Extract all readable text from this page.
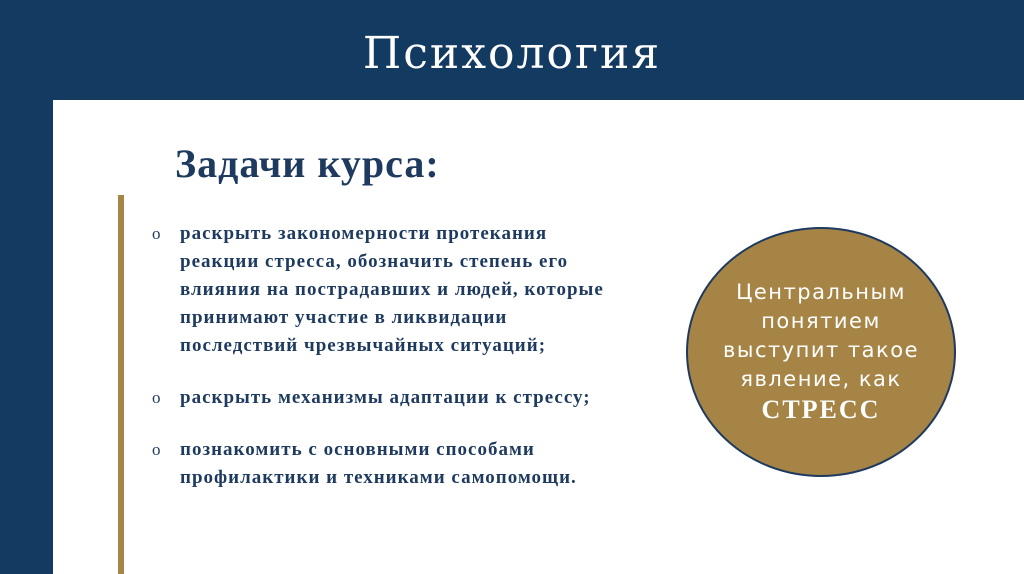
Психология
Задачи курса:
o раскрыть закономерности протекания реакции стресса, обозначить степень его влияния на пострадавших и людей, которые принимают участие в ликвидации последствий чрезвычайных ситуаций;
o раскрыть механизмы адаптации к стрессу;
o познакомить с основными способами профилактики и техниками самопомощи.
Центральным понятием выступит такое явление, как
СТРЕСС
